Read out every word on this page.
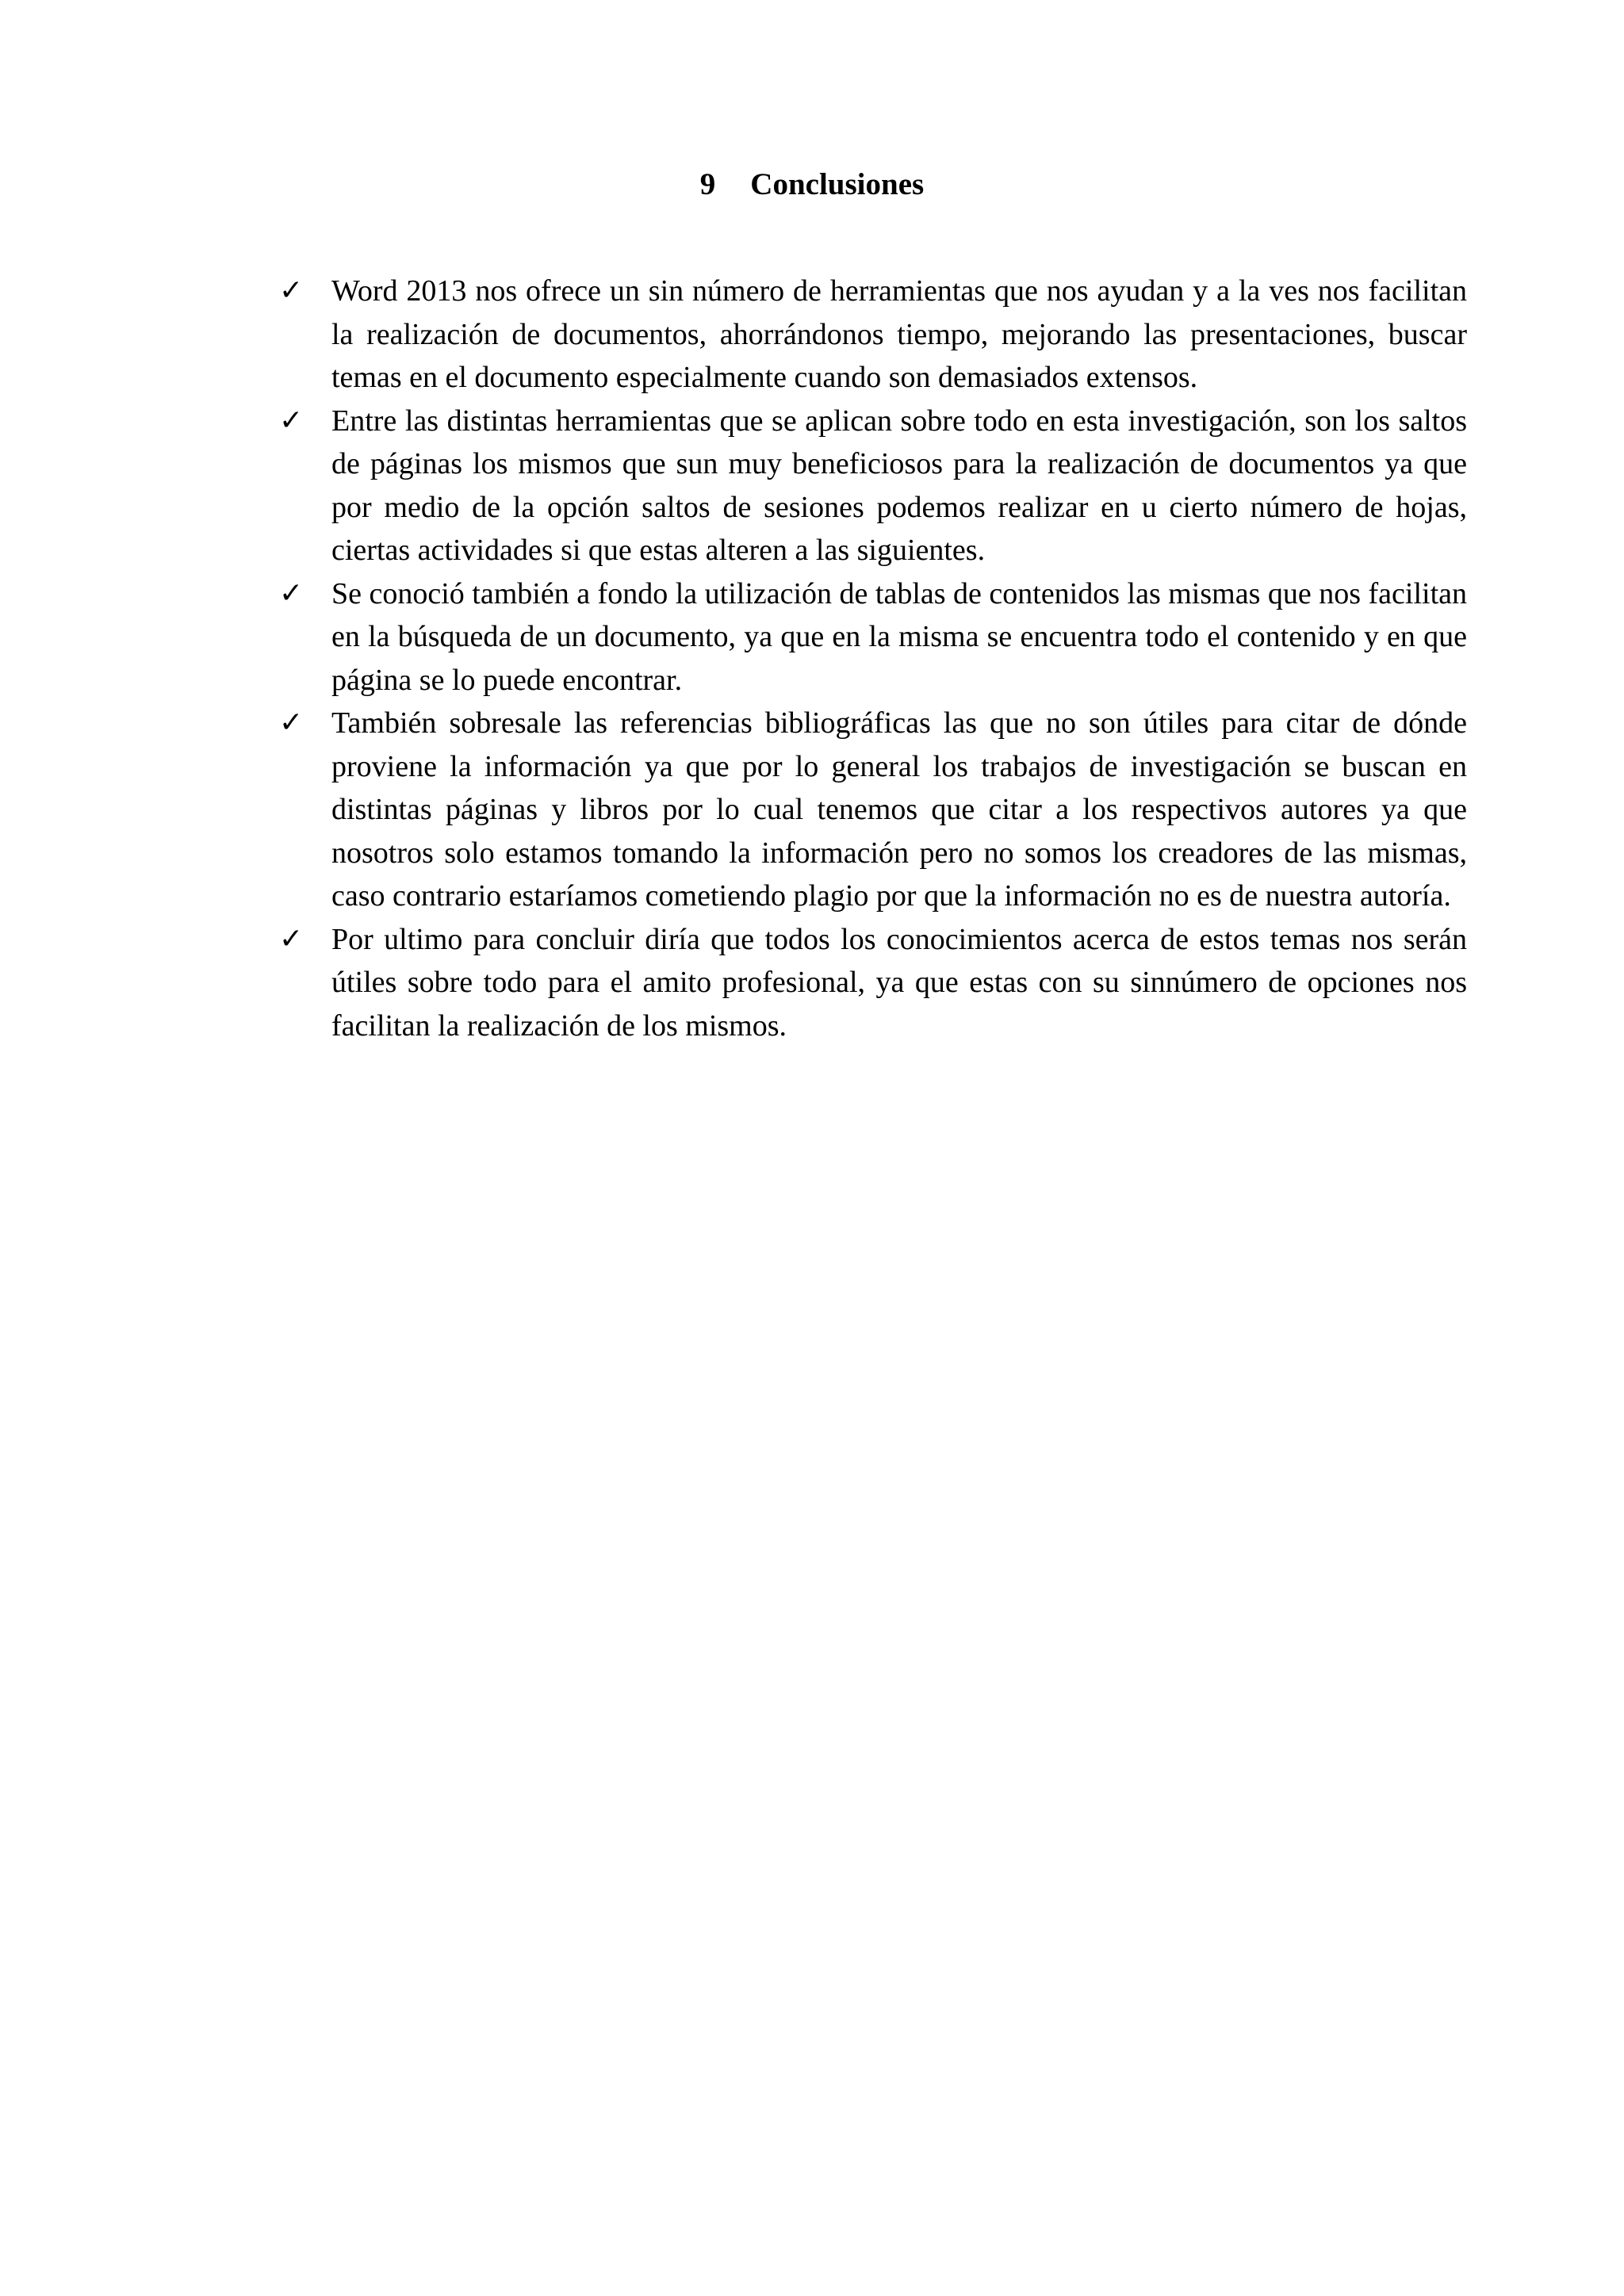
9 Conclusiones
✓ Word 2013 nos ofrece un sin número de herramientas que nos ayudan y a la ves nos facilitan la realización de documentos, ahorrándonos tiempo, mejorando las presentaciones, buscar temas en el documento especialmente cuando son demasiados extensos.
✓ Entre las distintas herramientas que se aplican sobre todo en esta investigación, son los saltos de páginas los mismos que sun muy beneficiosos para la realización de documentos ya que por medio de la opción saltos de sesiones podemos realizar en u cierto número de hojas, ciertas actividades si que estas alteren a las siguientes.
✓ Se conoció también a fondo la utilización de tablas de contenidos las mismas que nos facilitan en la búsqueda de un documento, ya que en la misma se encuentra todo el contenido y en que página se lo puede encontrar.
✓ También sobresale las referencias bibliográficas las que no son útiles para citar de dónde proviene la información ya que por lo general los trabajos de investigación se buscan en distintas páginas y libros por lo cual tenemos que citar a los respectivos autores ya que nosotros solo estamos tomando la información pero no somos los creadores de las mismas, caso contrario estaríamos cometiendo plagio por que la información no es de nuestra autoría.
✓ Por ultimo para concluir diría que todos los conocimientos acerca de estos temas nos serán útiles sobre todo para el amito profesional, ya que estas con su sinnúmero de opciones nos facilitan la realización de los mismos.
